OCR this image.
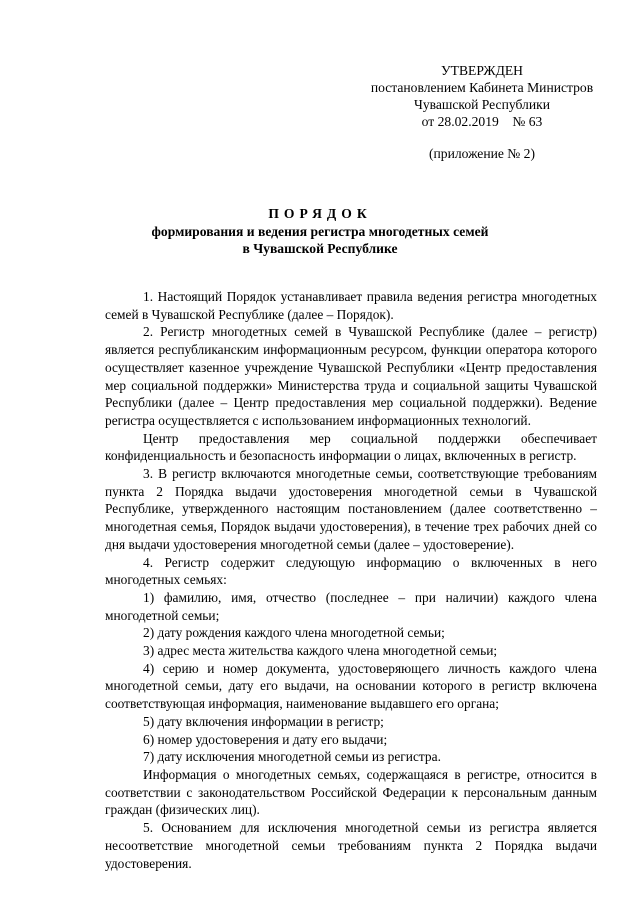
УТВЕРЖДЕН
постановлением Кабинета Министров
Чувашской Республики
от 28.02.2019    № 63
(приложение № 2)
ПОРЯДОК
формирования и ведения регистра многодетных семей
в Чувашской Республике

1. Настоящий Порядок устанавливает правила ведения регистра многодетных семей в Чувашской Республике (далее – Порядок).

2. Регистр многодетных семей в Чувашской Республике (далее – регистр) является республиканским информационным ресурсом, функции оператора которого осуществляет казенное учреждение Чувашской Республики «Центр предоставления мер социальной поддержки» Министерства труда и социальной защиты Чувашской Республики (далее – Центр предоставления мер социальной поддержки). Ведение регистра осуществляется с использованием информационных технологий.

Центр предоставления мер социальной поддержки обеспечивает конфиденциальность и безопасность информации о лицах, включенных в регистр.

3. В регистр включаются многодетные семьи, соответствующие требованиям пункта 2 Порядка выдачи удостоверения многодетной семьи в Чувашской Республике, утвержденного настоящим постановлением (далее соответственно – многодетная семья, Порядок выдачи удостоверения), в течение трех рабочих дней со дня выдачи удостоверения многодетной семьи (далее – удостоверение).

4. Регистр содержит следующую информацию о включенных в него многодетных семьях:

1) фамилию, имя, отчество (последнее – при наличии) каждого члена многодетной семьи;

2) дату рождения каждого члена многодетной семьи;

3) адрес места жительства каждого члена многодетной семьи;

4) серию и номер документа, удостоверяющего личность каждого члена многодетной семьи, дату его выдачи, на основании которого в регистр включена соответствующая информация, наименование выдавшего его органа;

5) дату включения информации в регистр;

6) номер удостоверения и дату его выдачи;

7) дату исключения многодетной семьи из регистра.

Информация о многодетных семьях, содержащаяся в регистре, относится в соответствии с законодательством Российской Федерации к персональным данным граждан (физических лиц).

5. Основанием для исключения многодетной семьи из регистра является несоответствие многодетной семьи требованиям пункта 2 Порядка выдачи удостоверения.
